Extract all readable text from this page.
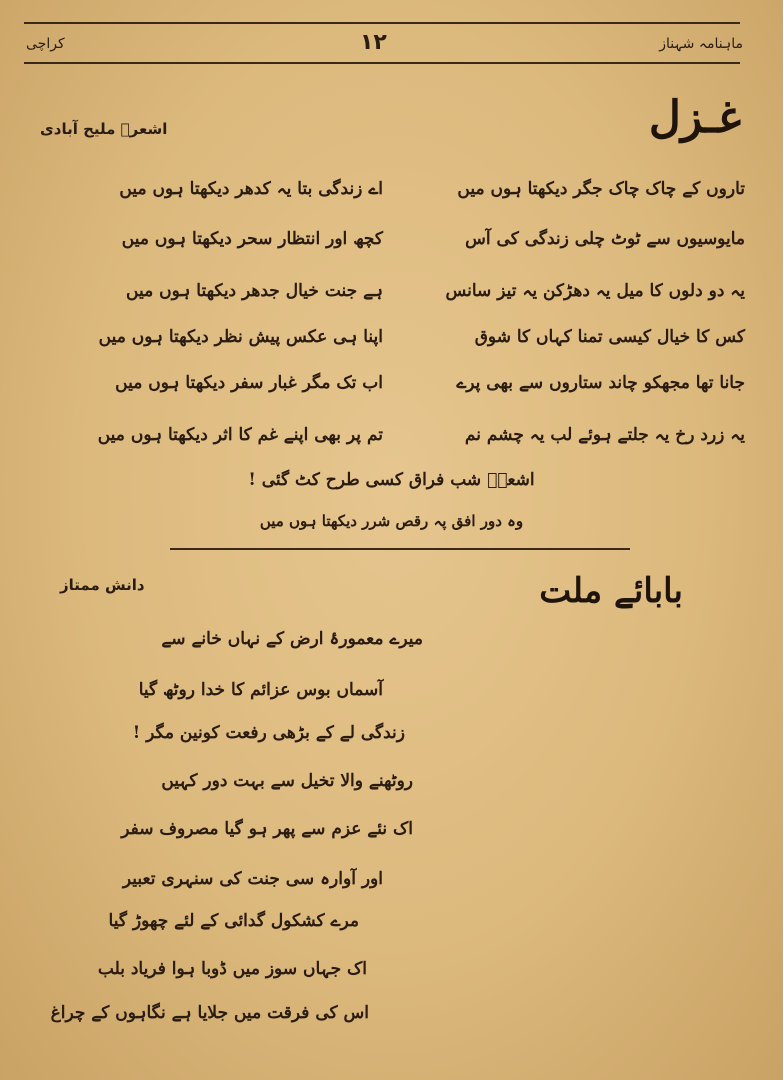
ماہنامہ شہناز
۱۲
کراچی
غـزل
اشعرؔ ملیح آبادی
تاروں کے چاک چاک جگر دیکھتا ہوں میں
اے زندگی بتا یہ کدھر دیکھتا ہوں میں
مایوسیوں سے ٹوٹ چلی زندگی کی آس
کچھ اور انتظار سحر دیکھتا ہوں میں
یہ دو دلوں کا میل یہ دھڑکن یہ تیز سانس
ہے جنت خیال جدھر دیکھتا ہوں میں
کس کا خیال کیسی تمنا کہاں کا شوق
اپنا ہی عکس پیش نظر دیکھتا ہوں میں
جانا تھا مجھکو چاند ستاروں سے بھی پرے
اب تک مگر غبار سفر دیکھتا ہوں میں
یہ زرد رخ یہ جلتے ہوئے لب یہ چشم نم
تم پر بھی اپنے غم کا اثر دیکھتا ہوں میں
اشعرؔ شب فراق کسی طرح کٹ گئی !
وہ دور افق پہ رقص شرر دیکھتا ہوں میں
بابائے ملت
دانش ممتاز
میرے معمورۂ ارض کے نہاں خانے سے
آسماں بوس عزائم کا خدا روٹھ گیا
زندگی لے کے بڑھی رفعت کونین مگر !
روٹھنے والا تخیل سے بہت دور کہیں
اک نئے عزم سے پھر ہو گیا مصروف سفر
اور آوارہ سی جنت کی سنہری تعبیر
مرے کشکول گدائی کے لئے چھوڑ گیا
اک جہاں سوز میں ڈوبا ہوا فریاد بلب
اس کی فرقت میں جلایا ہے نگاہوں کے چراغ
